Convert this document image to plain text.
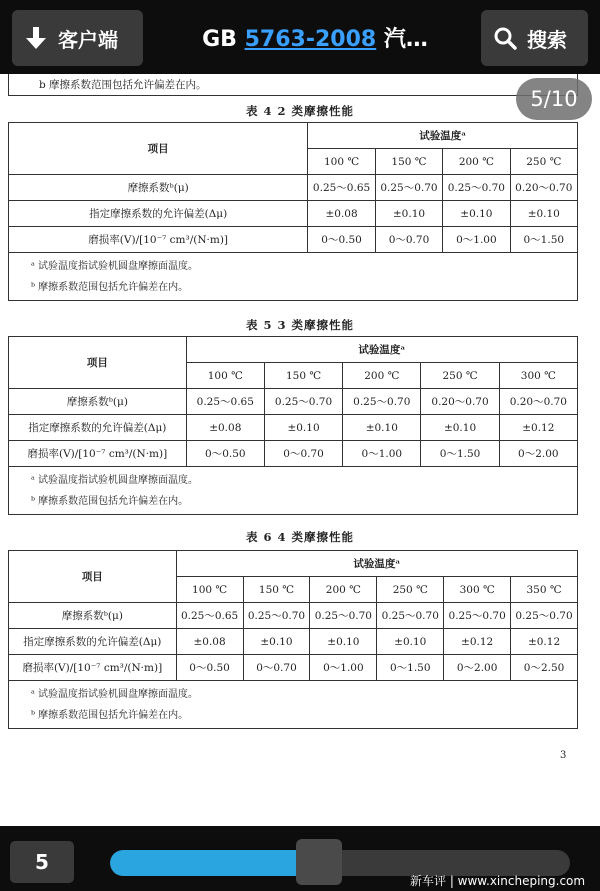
客户端	GB 5763-2008 汽…	搜索
b 摩擦系数范围包括允许偏差在内。
表 4 2 类摩擦性能
项目	试验温度ᵃ			
	100 ℃	150 ℃	200 ℃	250 ℃
摩擦系数ᵇ(μ)	0.25～0.65	0.25～0.70	0.25～0.70	0.20～0.70
指定摩擦系数的允许偏差(Δμ)	±0.08	±0.10	±0.10	±0.10
磨损率(V)/[10⁻⁷ cm³/(N·m)]	0～0.50	0～0.70	0～1.00	0～1.50

ᵃ 试验温度指试验机圆盘摩擦面温度。
ᵇ 摩擦系数范围包括允许偏差在内。				
表 5 3 类摩擦性能
项目	试验温度ᵃ				
	100 ℃	150 ℃	200 ℃	250 ℃	300 ℃
摩擦系数ᵇ(μ)	0.25～0.65	0.25～0.70	0.25～0.70	0.20～0.70	0.20～0.70
指定摩擦系数的允许偏差(Δμ)	±0.08	±0.10	±0.10	±0.10	±0.12
磨损率(V)/[10⁻⁷ cm³/(N·m)]	0～0.50	0～0.70	0～1.00	0～1.50	0～2.00

ᵃ 试验温度指试验机圆盘摩擦面温度。
ᵇ 摩擦系数范围包括允许偏差在内。					
表 6 4 类摩擦性能
项目	试验温度ᵃ					
	100 ℃	150 ℃	200 ℃	250 ℃	300 ℃	350 ℃
摩擦系数ᵇ(μ)	0.25～0.65	0.25～0.70	0.25～0.70	0.25～0.70	0.25～0.70	0.25～0.70
指定摩擦系数的允许偏差(Δμ)	±0.08	±0.10	±0.10	±0.10	±0.12	±0.12
磨损率(V)/[10⁻⁷ cm³/(N·m)]	0～0.50	0～0.70	0～1.00	0～1.50	0～2.00	0～2.50

ᵃ 试验温度指试验机圆盘摩擦面温度。
ᵇ 摩擦系数范围包括允许偏差在内。						
3
5/10
5
新车评 | www.xincheping.com
